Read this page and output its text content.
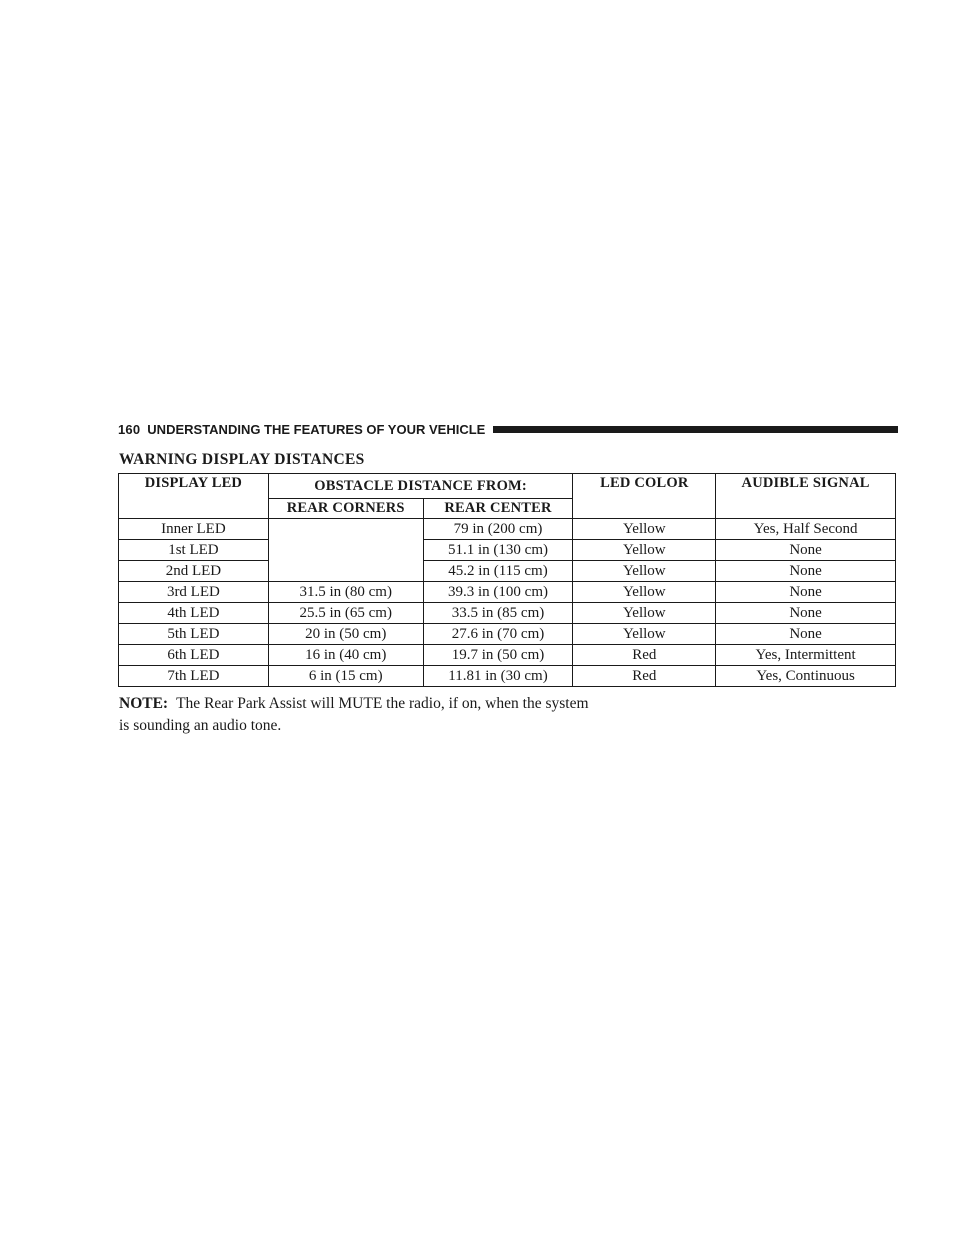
160 UNDERSTANDING THE FEATURES OF YOUR VEHICLE
WARNING DISPLAY DISTANCES
DISPLAY LED	OBSTACLE DISTANCE FROM:		LED COLOR	AUDIBLE SIGNAL
	REAR CORNERS	REAR CENTER		
Inner LED		79 in (200 cm)	Yellow	Yes, Half Second
1st LED		51.1 in (130 cm)	Yellow	None
2nd LED		45.2 in (115 cm)	Yellow	None
3rd LED	31.5 in (80 cm)	39.3 in (100 cm)	Yellow	None
4th LED	25.5 in (65 cm)	33.5 in (85 cm)	Yellow	None
5th LED	20 in (50 cm)	27.6 in (70 cm)	Yellow	None
6th LED	16 in (40 cm)	19.7 in (50 cm)	Red	Yes, Intermittent
7th LED	6 in (15 cm)	11.81 in (30 cm)	Red	Yes, Continuous
NOTE: The Rear Park Assist will MUTE the radio, if on, when the system is sounding an audio tone.
